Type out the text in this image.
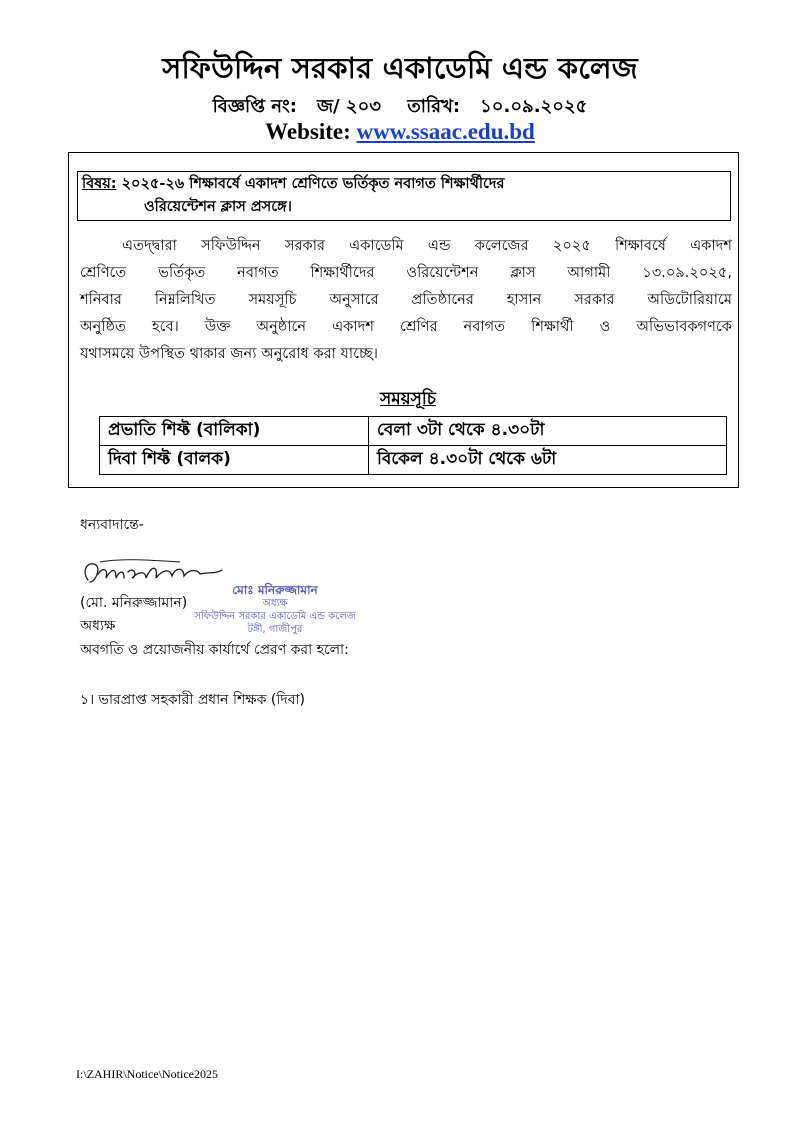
সফিউদ্দিন সরকার একাডেমি এন্ড কলেজ
বিজ্ঞপ্তি নং: জ/ ২০৩ তারিখ: ১০.০৯.২০২৫
Website: www.ssaac.edu.bd
বিষয়: ২০২৫-২৬ শিক্ষাবর্ষে একাদশ শ্রেণিতে ভর্তিকৃত নবাগত শিক্ষার্থীদের
ওরিয়েন্টেশন ক্লাস প্রসঙ্গে।
এতদ্দ্বারা সফিউদ্দিন সরকার একাডেমি এন্ড কলেজের ২০২৫ শিক্ষাবর্ষে একাদশ
শ্রেণিতে ভর্তিকৃত নবাগত শিক্ষার্থীদের ওরিয়েন্টেশন ক্লাস আগামী ১৩.০৯.২০২৫,
শনিবার নিম্নলিখিত সময়সূচি অনুসারে প্রতিষ্ঠানের হাসান সরকার অডিটোরিয়ামে
অনুষ্ঠিত হবে। উক্ত অনুষ্ঠানে একাদশ শ্রেণির নবাগত শিক্ষার্থী ও অভিভাবকগণকে
যথাসময়ে উপস্থিত থাকার জন্য অনুরোধ করা যাচ্ছে।
সময়সূচি
প্রভাতি শিফ্ট (বালিকা)	বেলা ৩টা থেকে ৪.৩০টা
দিবা শিফ্ট (বালক)	বিকেল ৪.৩০টা থেকে ৬টা
ধন্যবাদান্তে-
মোঃ মনিরুজ্জামান
অধ্যক্ষ
সফিউদ্দিন সরকার একাডেমি এন্ড কলেজ
টঙ্গী, গাজীপুর
(মো. মনিরুজ্জামান)
অধ্যক্ষ
অবগতি ও প্রয়োজনীয় কার্যার্থে প্রেরণ করা হলো:
১। ভারপ্রাপ্ত সহকারী প্রধান শিক্ষক (দিবা)
I:\ZAHIR\Notice\Notice2025
